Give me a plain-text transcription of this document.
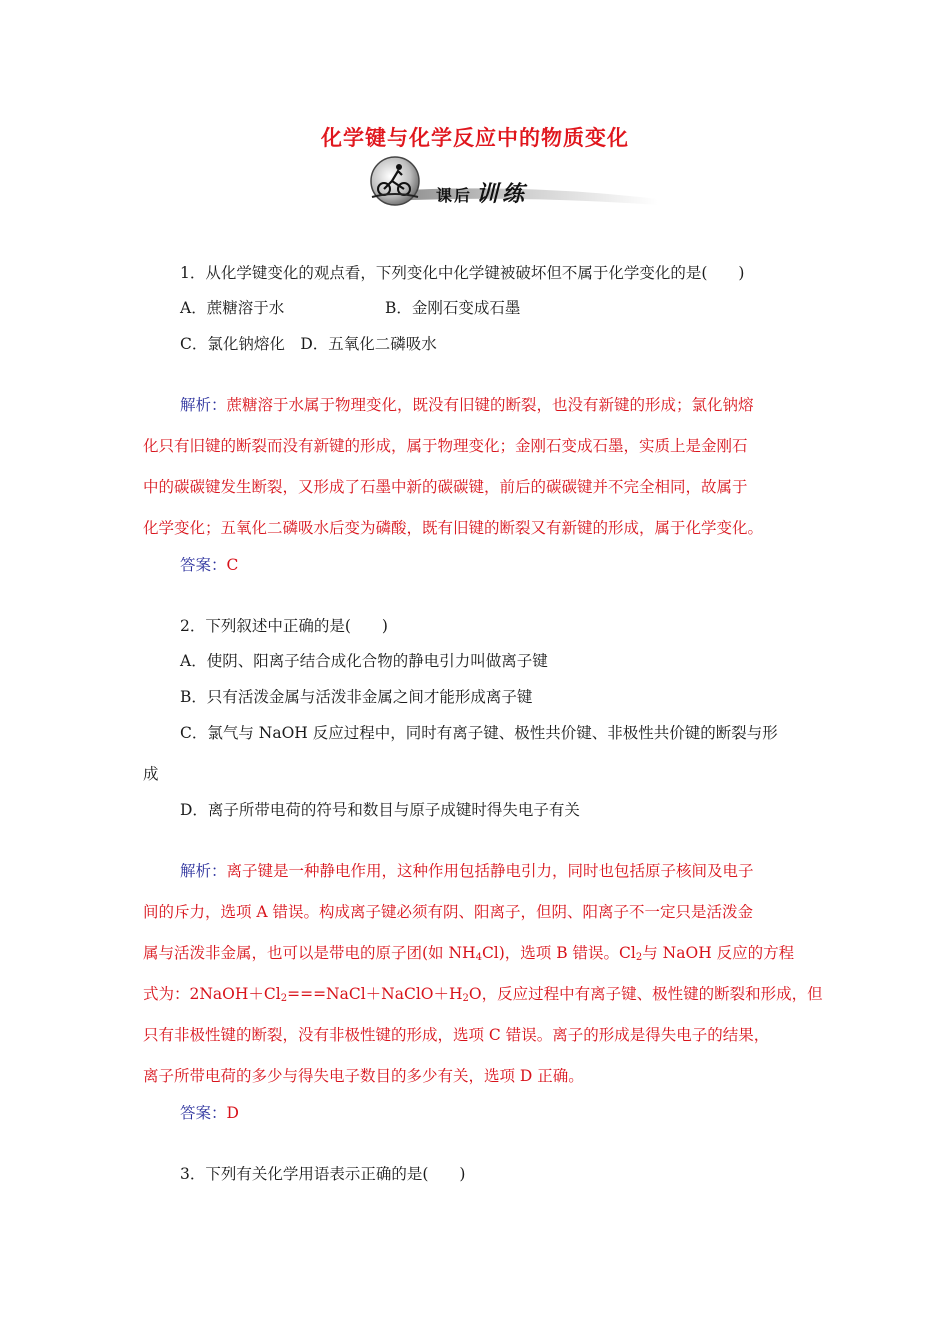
化学键与化学反应中的物质变化
课后 训练
1．从化学键变化的观点看，下列变化中化学键被破坏但不属于化学变化的是(　　)
A．蔗糖溶于水	B．金刚石变成石墨
C．氯化钠熔化　D．五氧化二磷吸水
解析：蔗糖溶于水属于物理变化，既没有旧键的断裂，也没有新键的形成；氯化钠熔
化只有旧键的断裂而没有新键的形成，属于物理变化；金刚石变成石墨，实质上是金刚石
中的碳碳键发生断裂，又形成了石墨中新的碳碳键，前后的碳碳键并不完全相同，故属于
化学变化；五氧化二磷吸水后变为磷酸，既有旧键的断裂又有新键的形成，属于化学变化。
答案：C
2．下列叙述中正确的是(　　)
A．使阴、阳离子结合成化合物的静电引力叫做离子键
B．只有活泼金属与活泼非金属之间才能形成离子键
C．氯气与 NaOH 反应过程中，同时有离子键、极性共价键、非极性共价键的断裂与形
成
D．离子所带电荷的符号和数目与原子成键时得失电子有关
解析：离子键是一种静电作用，这种作用包括静电引力，同时也包括原子核间及电子
间的斥力，选项 A 错误。构成离子键必须有阴、阳离子，但阴、阳离子不一定只是活泼金
属与活泼非金属，也可以是带电的原子团(如 $NH_4Cl$)，选项 B 错误。$Cl_2$与 NaOH 反应的方程
式为：$2NaOH+Cl_2===NaCl+NaClO+H_2O$，反应过程中有离子键、极性键的断裂和形成，但
只有非极性键的断裂，没有非极性键的形成，选项 C 错误。离子的形成是得失电子的结果，
离子所带电荷的多少与得失电子数目的多少有关，选项 D 正确。
答案：D
3．下列有关化学用语表示正确的是(　　)
